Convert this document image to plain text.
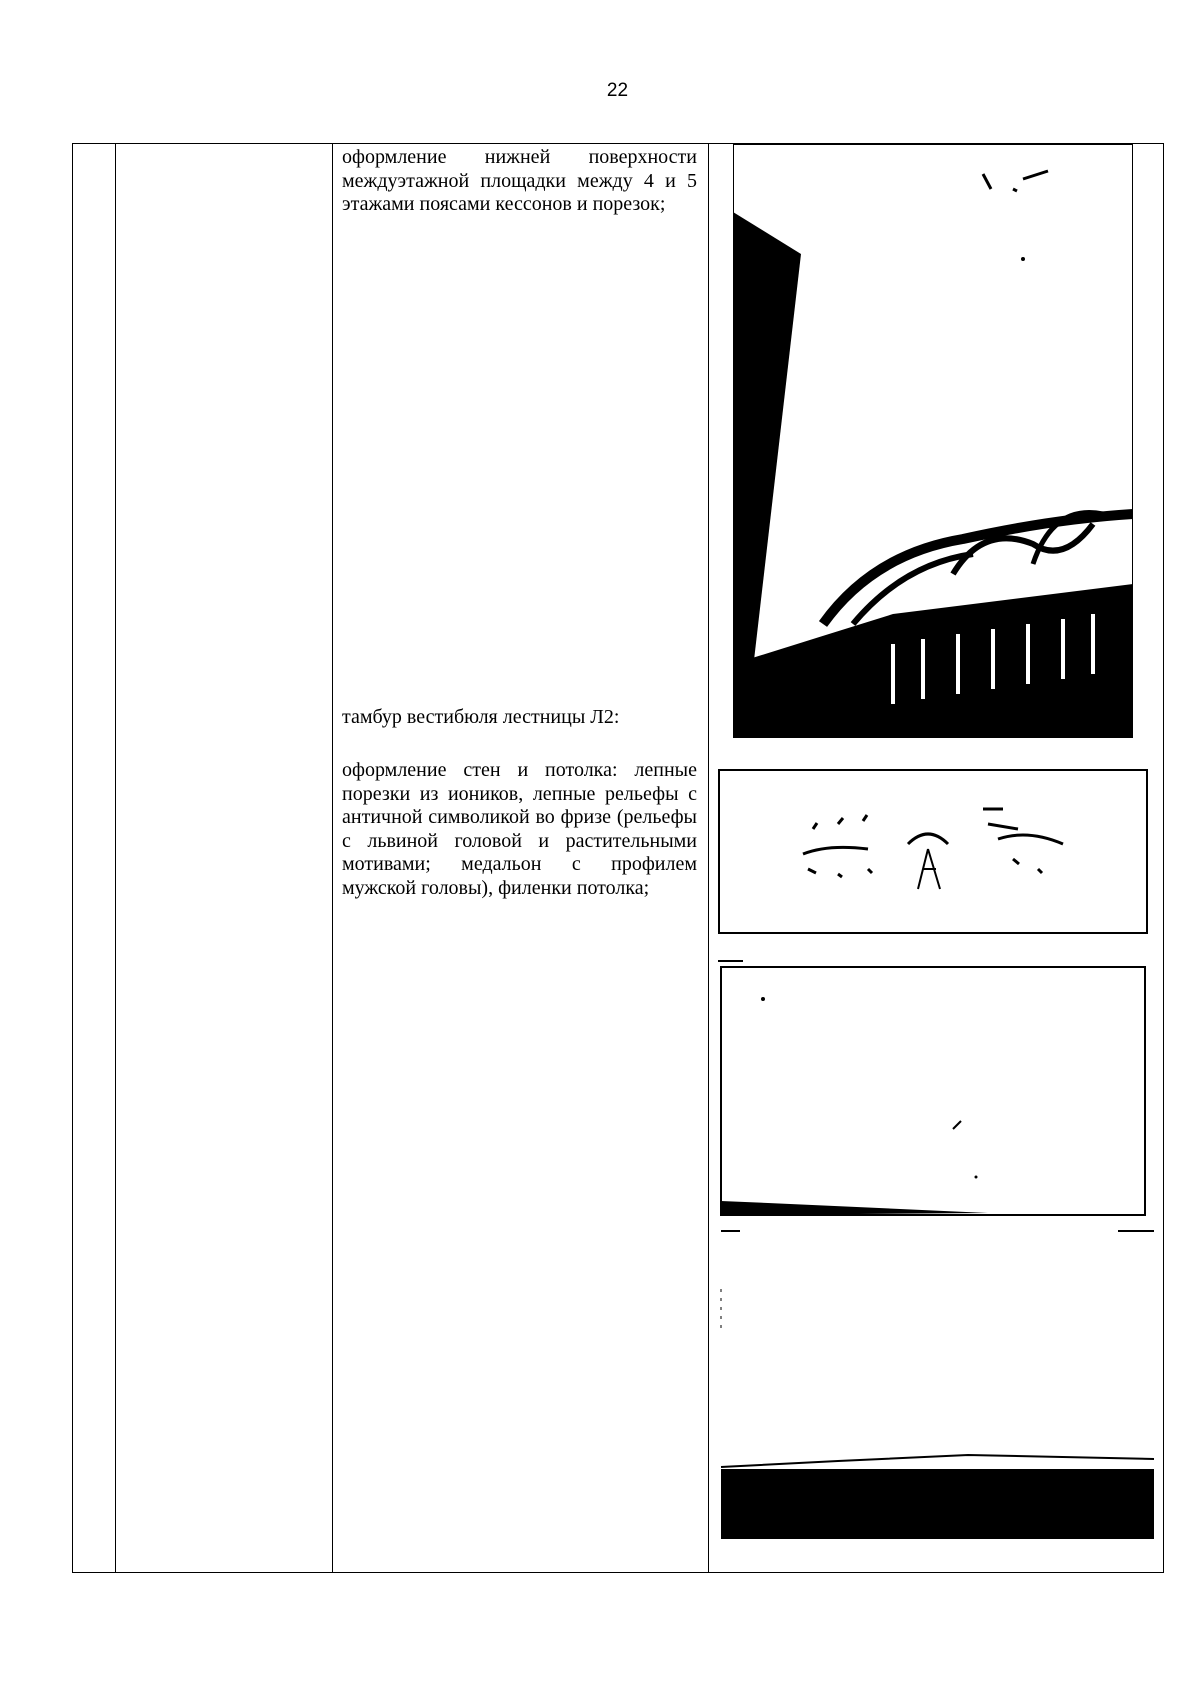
22

оформление нижней поверхности междуэтажной площадки между 4 и 5 этажами поясами кессонов и порезок;

тамбур вестибюля лестницы Л2:

оформление стен и потолка: лепные порезки из иоников, лепные рельефы с античной символикой во фризе (рельефы с львиной головой и растительными мотивами; медальон с профилем мужской головы), филенки потолка;
